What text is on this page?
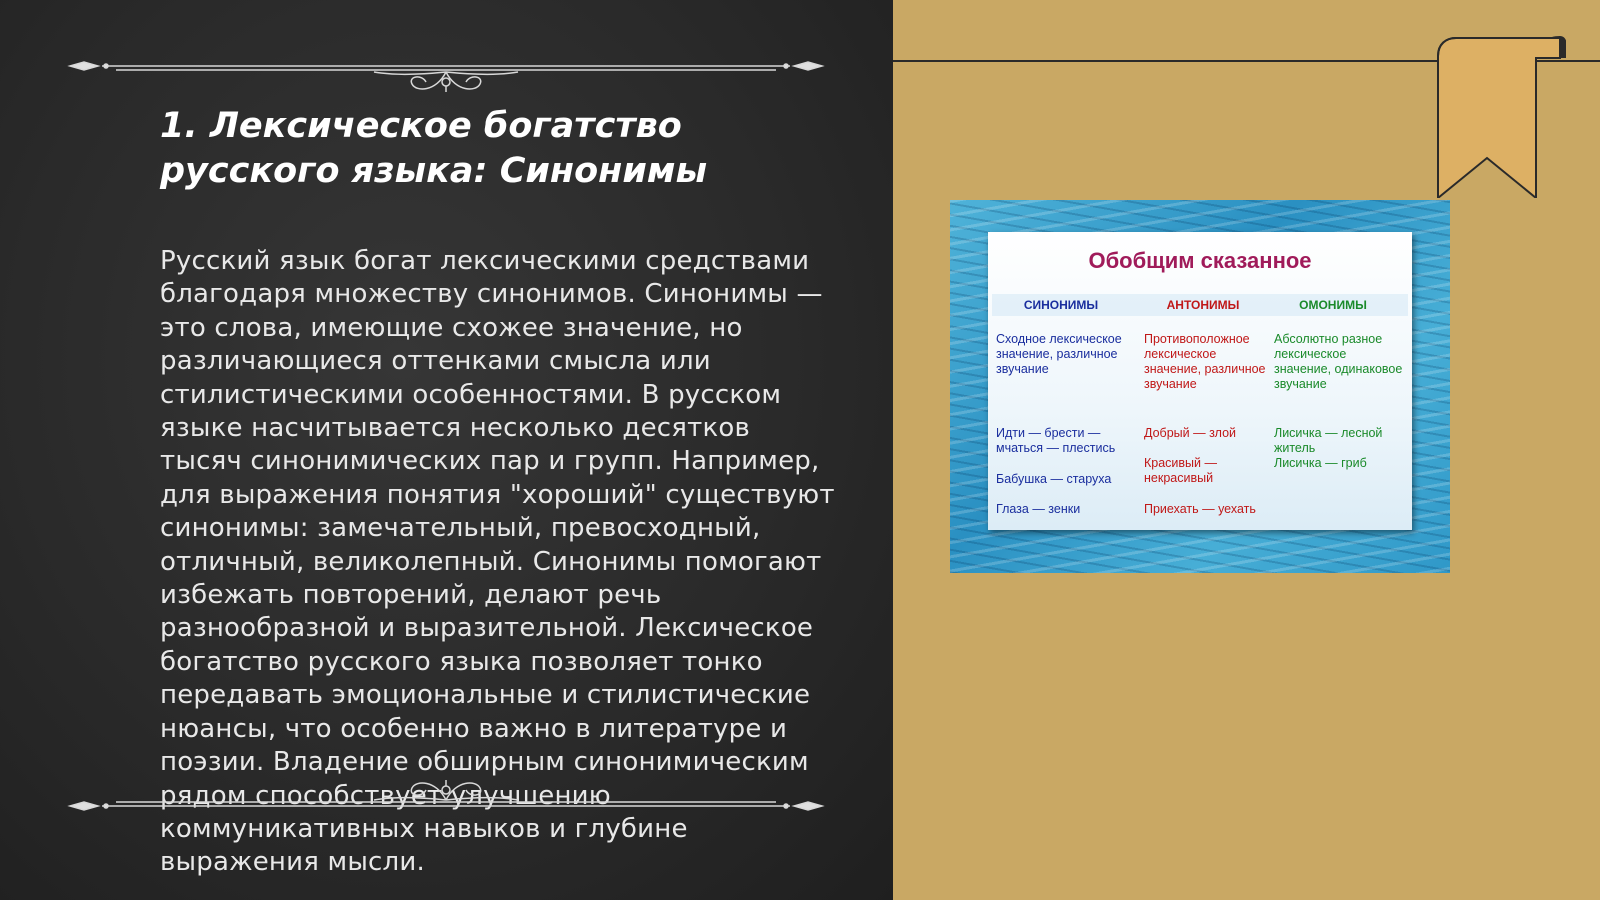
1. Лексическое богатство русского языка: Синонимы
Русский язык богат лексическими средствами благодаря множеству синонимов. Синонимы — это слова, имеющие схожее значение, но различающиеся оттенками смысла или стилистическими особенностями. В русском языке насчитывается несколько десятков тысяч синонимических пар и групп. Например, для выражения понятия "хороший" существуют синонимы: замечательный, превосходный, отличный, великолепный. Синонимы помогают избежать повторений, делают речь разнообразной и выразительной. Лексическое богатство русского языка позволяет тонко передавать эмоциональные и стилистические нюансы, что особенно важно в литературе и поэзии. Владение обширным синонимическим рядом способствует улучшению коммуникативных навыков и глубине выражения мысли.
Обобщим сказанное
СИНОНИМЫ	АНТОНИМЫ	ОМОНИМЫ
Сходное лексическое значение, различное звучание
Противоположное лексическое значение, различное звучание
Абсолютно разное лексическое значение, одинаковое звучание
Идти — брести — мчаться — плестись
Бабушка — старуха
Глаза — зенки
Добрый — злой
Красивый — некрасивый
Приехать — уехать
Лисичка — лесной житель
Лисичка — гриб
